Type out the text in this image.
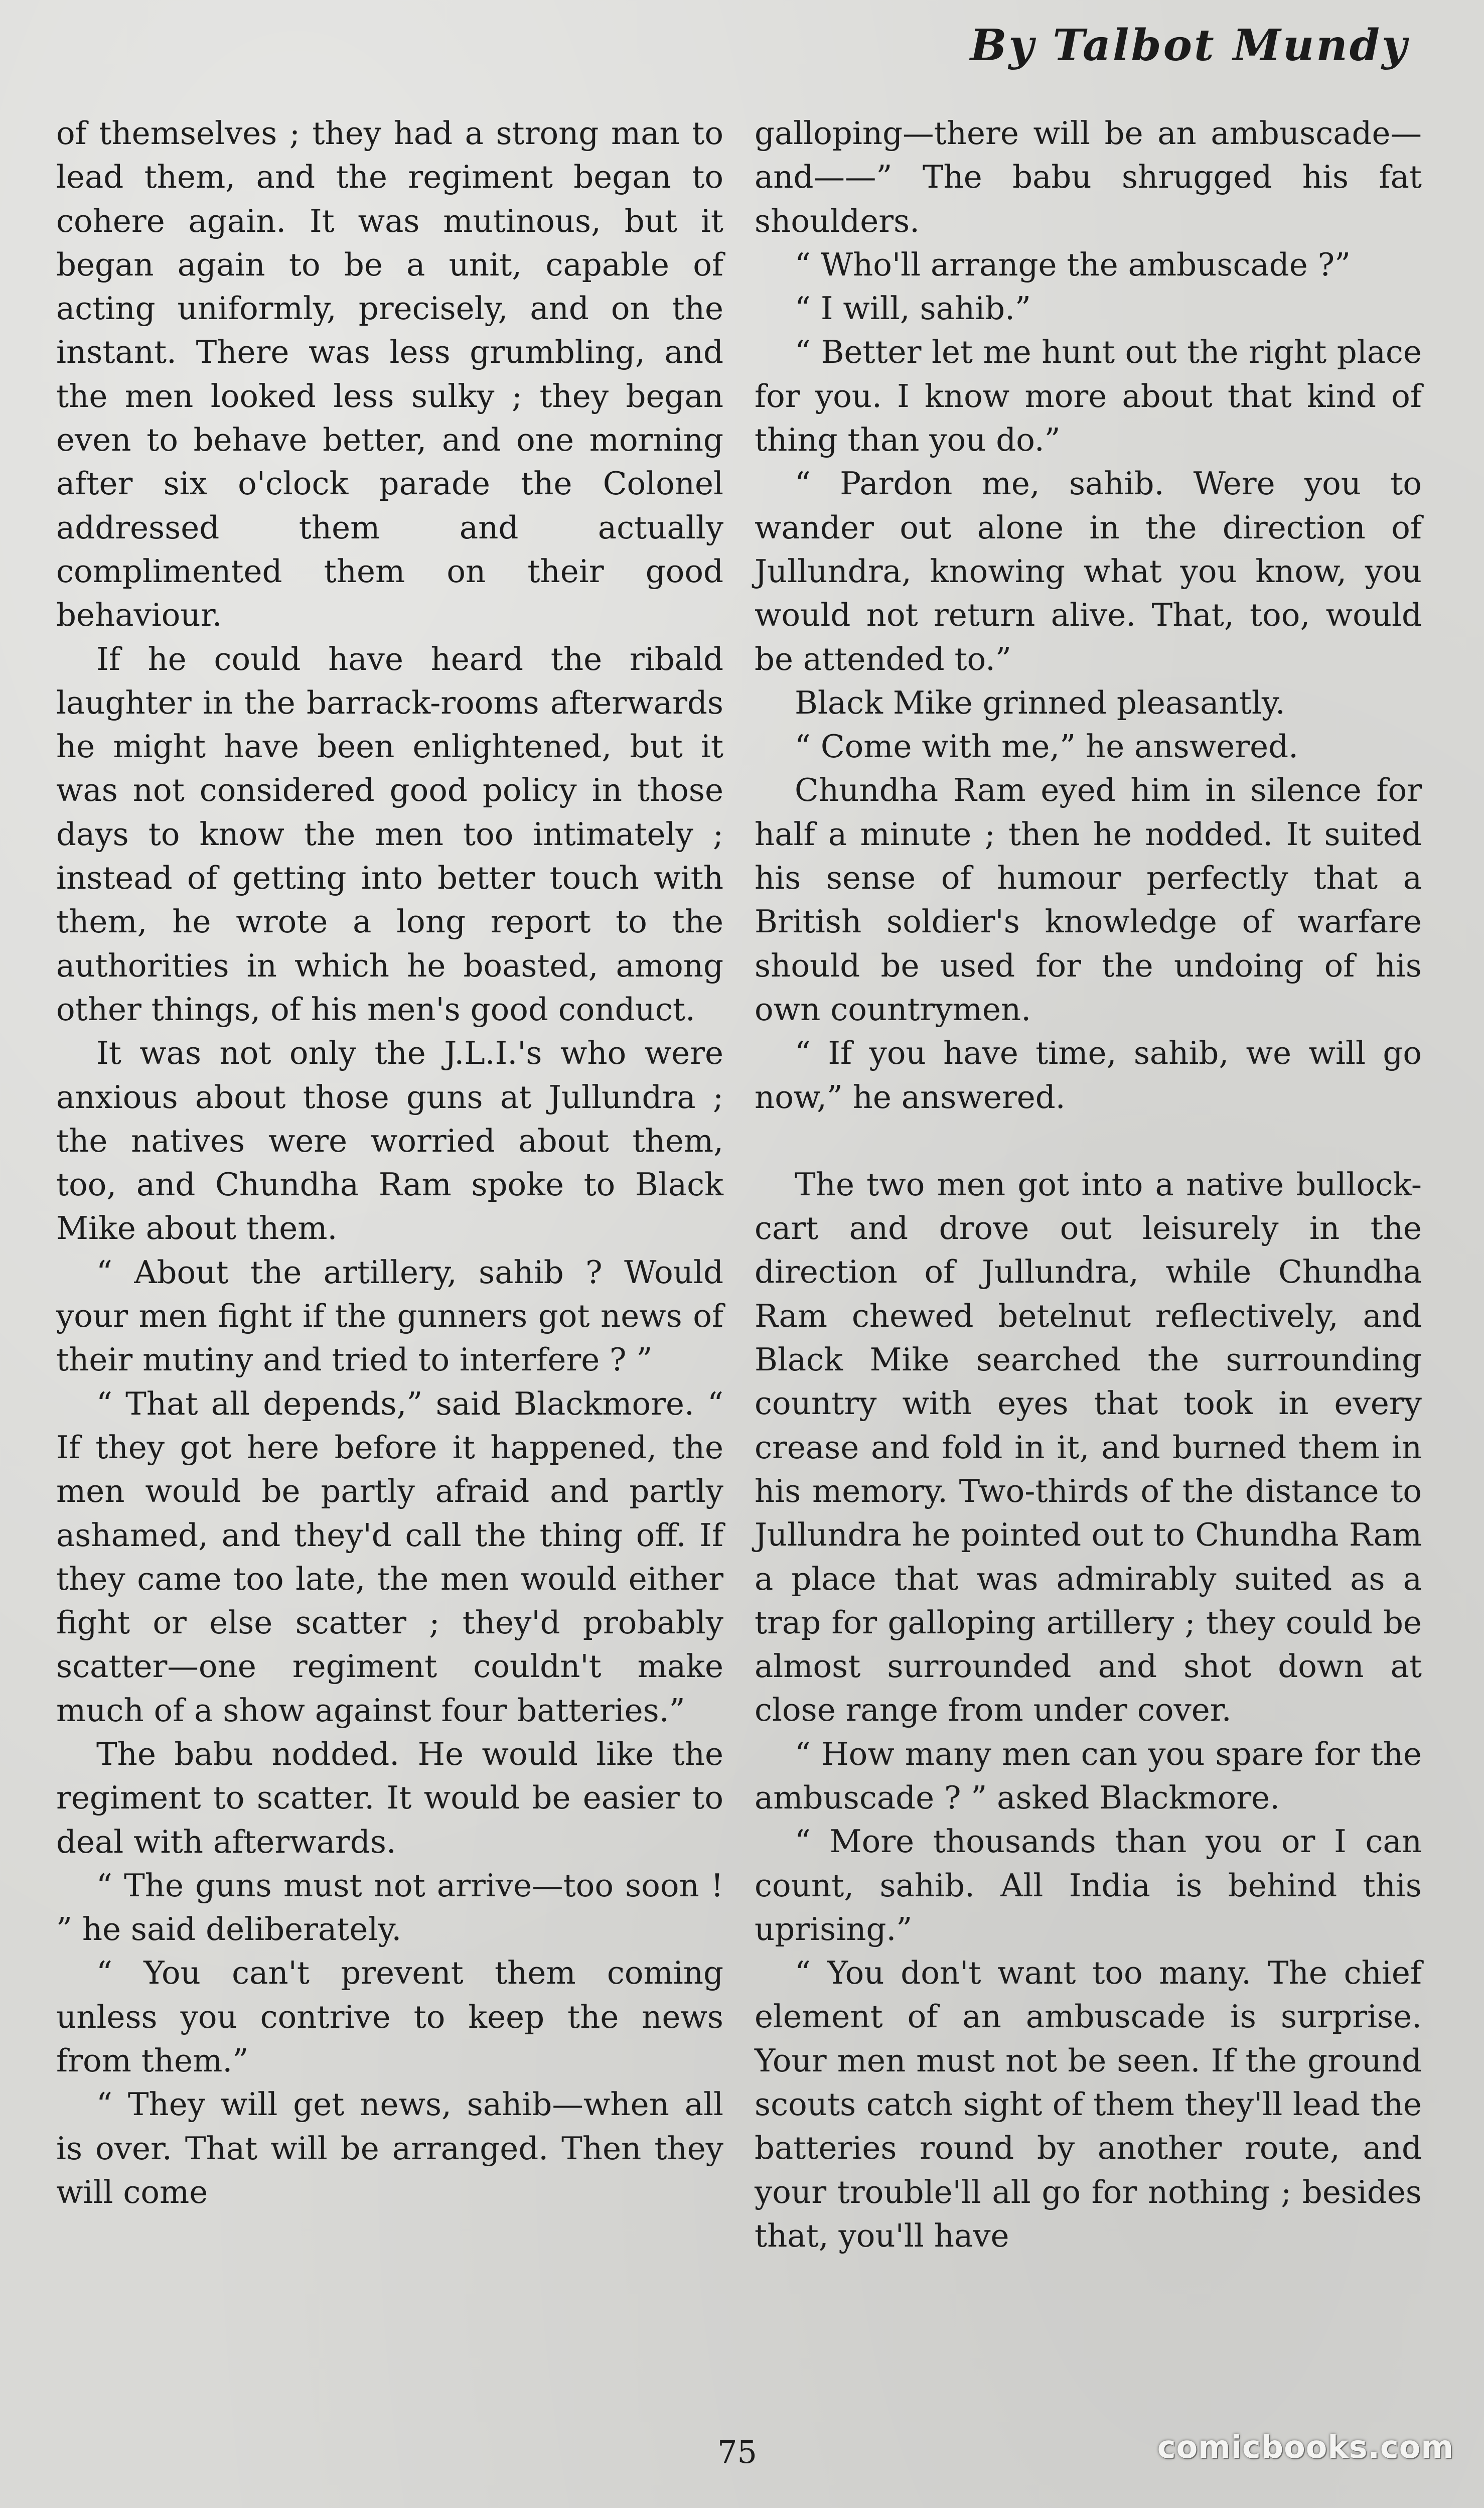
By Talbot Mundy

of themselves ; they had a strong man to lead them, and the regiment began to cohere again. It was mutinous, but it began again to be a unit, capable of acting uniformly, precisely, and on the instant. There was less grumbling, and the men looked less sulky ; they began even to behave better, and one morning after six o'clock parade the Colonel addressed them and actually complimented them on their good behaviour.

If he could have heard the ribald laughter in the barrack-rooms afterwards he might have been enlightened, but it was not considered good policy in those days to know the men too intimately ; instead of getting into better touch with them, he wrote a long report to the authorities in which he boasted, among other things, of his men's good conduct.

It was not only the J.L.I.'s who were anxious about those guns at Jullundra ; the natives were worried about them, too, and Chundha Ram spoke to Black Mike about them.

“ About the artillery, sahib ? Would your men fight if the gunners got news of their mutiny and tried to interfere ? ”

“ That all depends,” said Blackmore. “ If they got here before it happened, the men would be partly afraid and partly ashamed, and they'd call the thing off. If they came too late, the men would either fight or else scatter ; they'd probably scatter—one regiment couldn't make much of a show against four batteries.”

The babu nodded. He would like the regiment to scatter. It would be easier to deal with afterwards.

“ The guns must not arrive—too soon ! ” he said deliberately.

“ You can't prevent them coming unless you contrive to keep the news from them.”

“ They will get news, sahib—when all is over. That will be arranged. Then they will come

galloping—there will be an ambuscade—and——” The babu shrugged his fat shoulders.

“ Who'll arrange the ambuscade ?”

“ I will, sahib.”

“ Better let me hunt out the right place for you. I know more about that kind of thing than you do.”

“ Pardon me, sahib. Were you to wander out alone in the direction of Jullundra, knowing what you know, you would not return alive. That, too, would be attended to.”

Black Mike grinned pleasantly.

“ Come with me,” he answered.

Chundha Ram eyed him in silence for half a minute ; then he nodded. It suited his sense of humour perfectly that a British soldier's knowledge of warfare should be used for the undoing of his own countrymen.

“ If you have time, sahib, we will go now,” he answered.

The two men got into a native bullock-cart and drove out leisurely in the direction of Jullundra, while Chundha Ram chewed betelnut reflectively, and Black Mike searched the surrounding country with eyes that took in every crease and fold in it, and burned them in his memory. Two-thirds of the distance to Jullundra he pointed out to Chundha Ram a place that was admirably suited as a trap for galloping artillery ; they could be almost surrounded and shot down at close range from under cover.

“ How many men can you spare for the ambuscade ? ” asked Blackmore.

“ More thousands than you or I can count, sahib. All India is behind this uprising.”

“ You don't want too many. The chief element of an ambuscade is surprise. Your men must not be seen. If the ground scouts catch sight of them they'll lead the batteries round by another route, and your trouble'll all go for nothing ; besides that, you'll have

75	comicbooks.com
